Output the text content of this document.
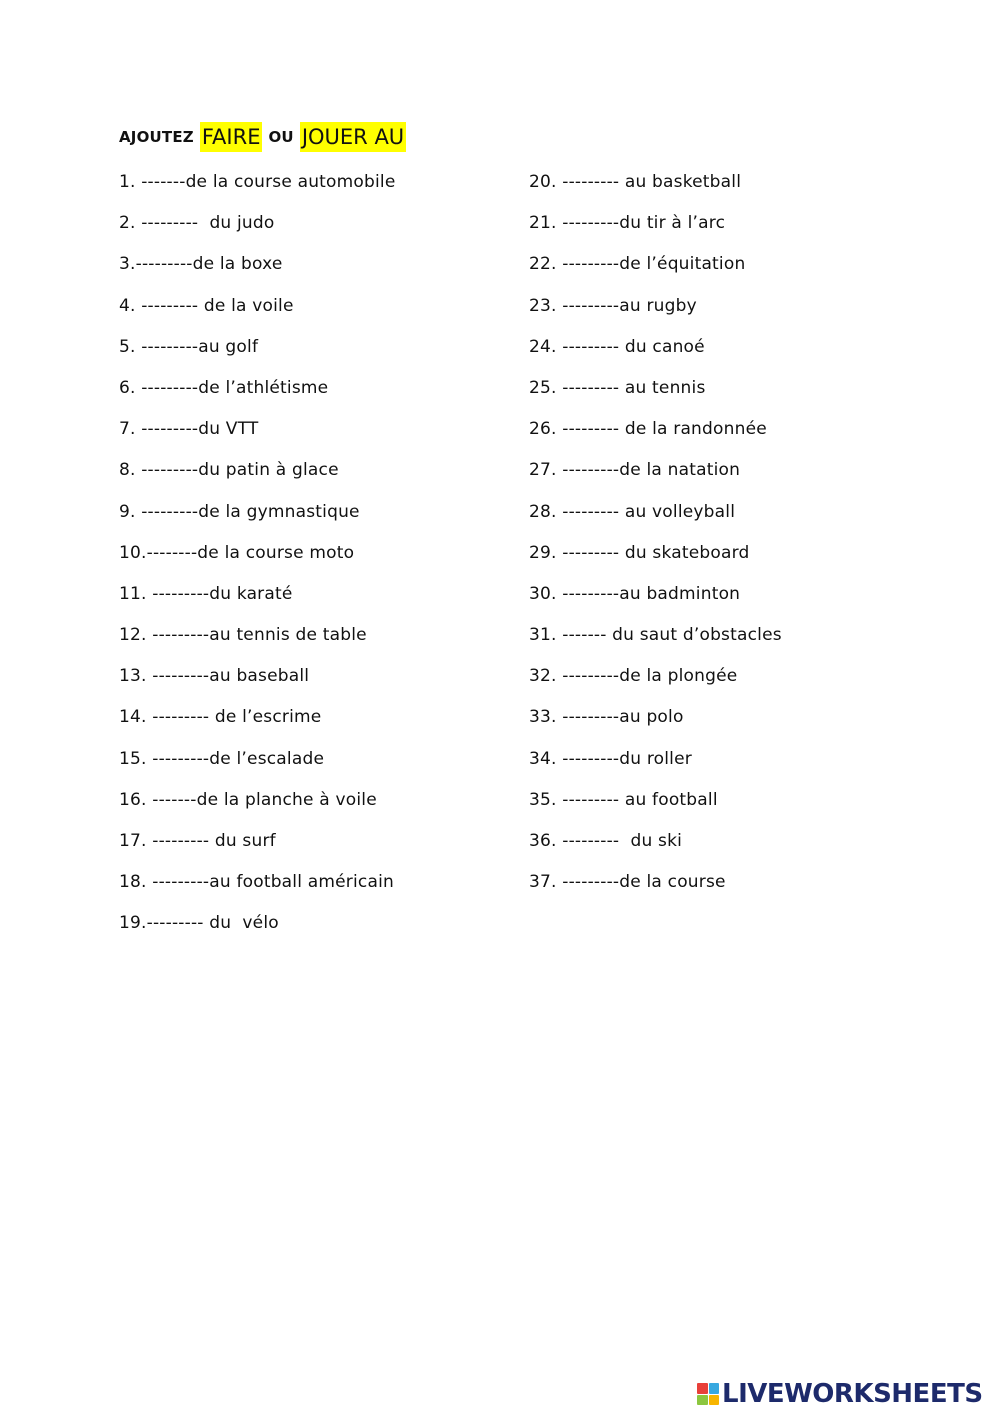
AJOUTEZ FAIRE OU JOUER AU
1. -------de la course automobile
2. ---------  du judo
3.---------de la boxe
4. --------- de la voile
5. ---------au golf
6. ---------de l’athlétisme
7. ---------du VTT
8. ---------du patin à glace
9. ---------de la gymnastique
10.--------de la course moto
11. ---------du karaté
12. ---------au tennis de table
13. ---------au baseball
14. --------- de l’escrime
15. ---------de l’escalade
16. -------de la planche à voile
17. --------- du surf
18. ---------au football américain
19.--------- du  vélo
20. --------- au basketball
21. ---------du tir à l’arc
22. ---------de l’équitation
23. ---------au rugby
24. --------- du canoé
25. --------- au tennis
26. --------- de la randonnée
27. ---------de la natation
28. --------- au volleyball
29. --------- du skateboard
30. ---------au badminton
31. ------- du saut d’obstacles
32. ---------de la plongée
33. ---------au polo
34. ---------du roller
35. --------- au football
36. ---------  du ski
37. ---------de la course
LIVEWORKSHEETS
